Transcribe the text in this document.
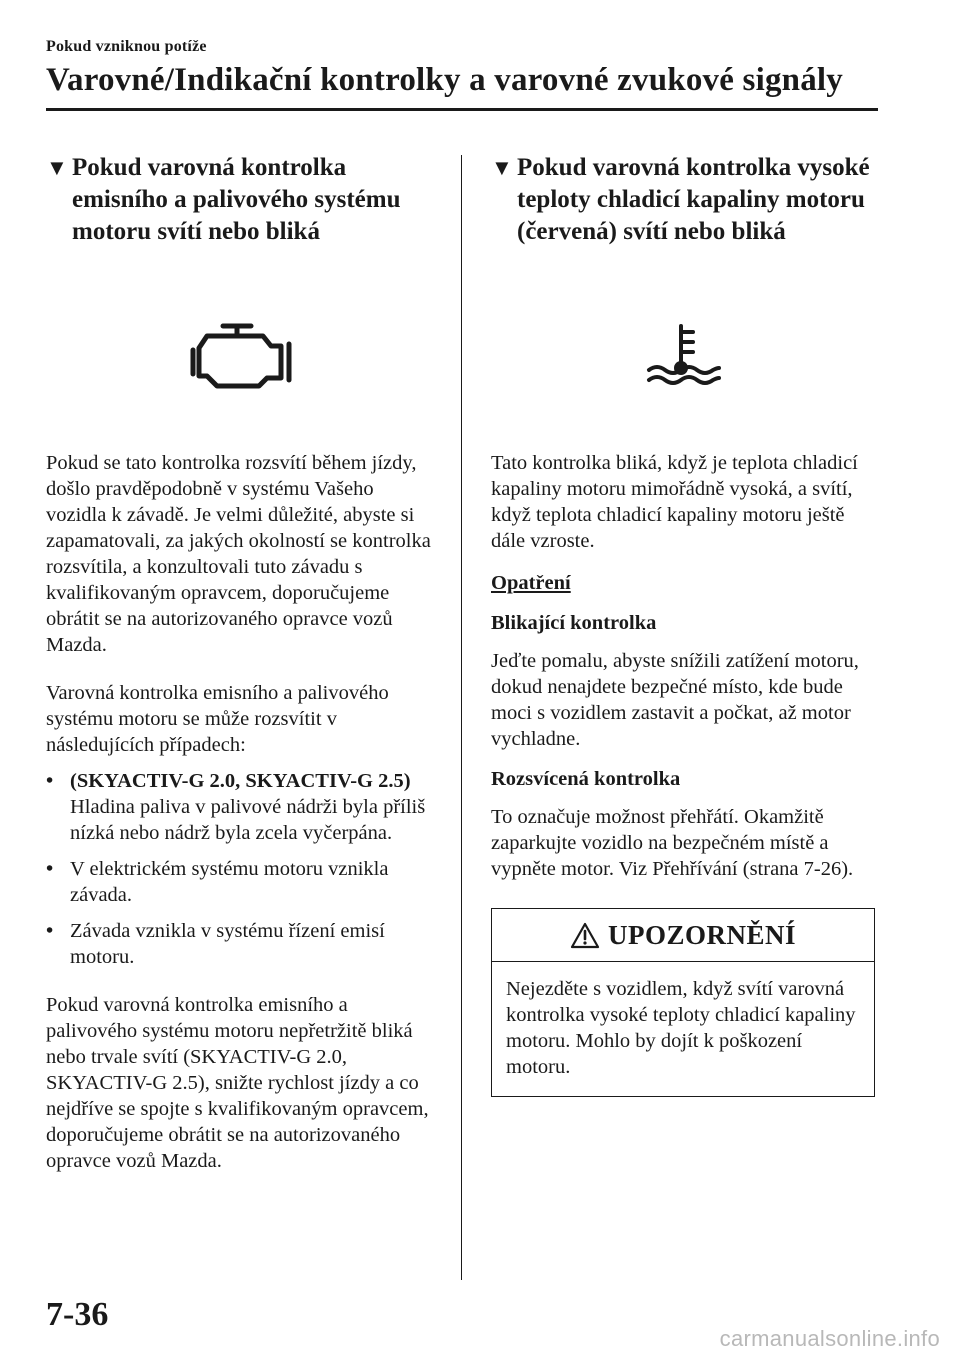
Pokud vzniknou potíže
Varovné/Indikační kontrolky a varovné zvukové signály
▼ Pokud varovná kontrolka emisního a palivového systému motoru svítí nebo bliká

Pokud se tato kontrolka rozsvítí během jízdy, došlo pravděpodobně v systému Vašeho vozidla k závadě. Je velmi důležité, abyste si zapamatovali, za jakých okolností se kontrolka rozsvítila, a konzultovali tuto závadu s kvalifikovaným opravcem, doporučujeme obrátit se na autorizovaného opravce vozů Mazda.

Varovná kontrolka emisního a palivového systému motoru se může rozsvítit v následujících případech:

• (SKYACTIV-G 2.0, SKYACTIV-G 2.5)
Hladina paliva v palivové nádrži byla příliš nízká nebo nádrž byla zcela vyčerpána.
• V elektrickém systému motoru vznikla závada.
• Závada vznikla v systému řízení emisí motoru.

Pokud varovná kontrolka emisního a palivového systému motoru nepřetržitě bliká nebo trvale svítí (SKYACTIV-G 2.0, SKYACTIV-G 2.5), snižte rychlost jízdy a co nejdříve se spojte s kvalifikovaným opravcem, doporučujeme obrátit se na autorizovaného opravce vozů Mazda.

▼ Pokud varovná kontrolka vysoké teploty chladicí kapaliny motoru (červená) svítí nebo bliká

Tato kontrolka bliká, když je teplota chladicí kapaliny motoru mimořádně vysoká, a svítí, když teplota chladicí kapaliny motoru ještě dále vzroste.

Opatření

Blikající kontrolka

Jeďte pomalu, abyste snížili zatížení motoru, dokud nenajdete bezpečné místo, kde bude moci s vozidlem zastavit a počkat, až motor vychladne.

Rozsvícená kontrolka

To označuje možnost přehřátí. Okamžitě zaparkujte vozidlo na bezpečném místě a vypněte motor. Viz Přehřívání (strana 7-26).

UPOZORNĚNÍ

Nejezděte s vozidlem, když svítí varovná kontrolka vysoké teploty chladicí kapaliny motoru. Mohlo by dojít k poškození motoru.

7-36
carmanualsonline.info
